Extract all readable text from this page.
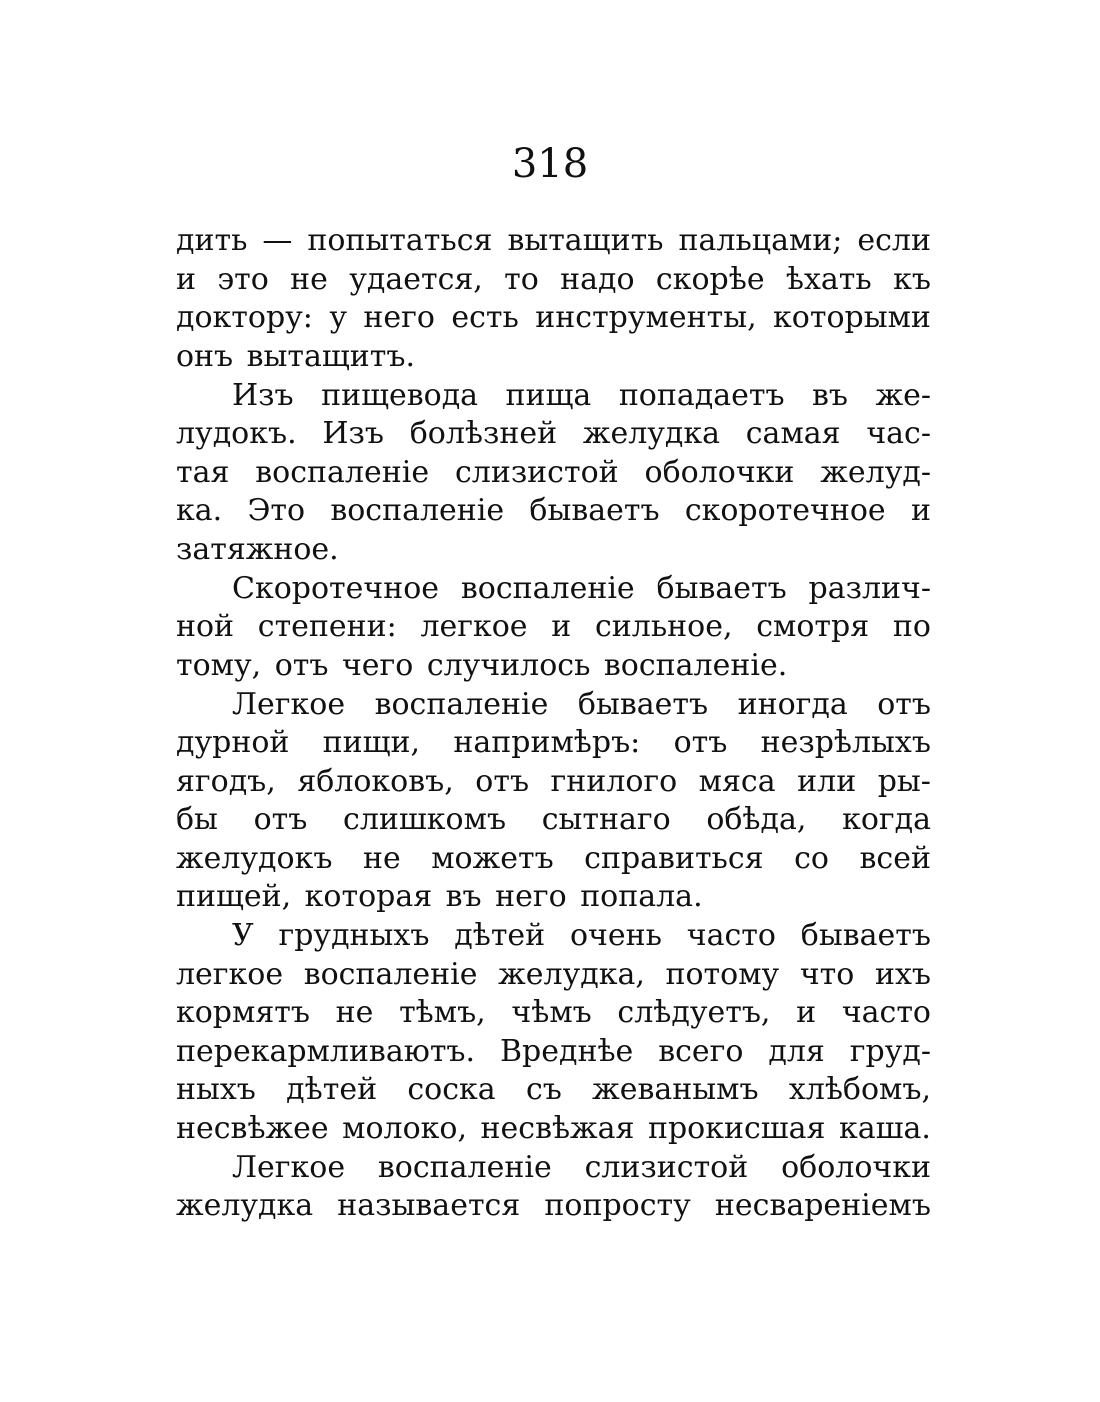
318
дить — попытаться вытащить пальцами; если
и это не удается, то надо скорѣе ѣхать къ
доктору: у него есть инструменты, которыми
онъ вытащитъ.
Изъ пищевода пища попадаетъ въ же-
лудокъ. Изъ болѣзней желудка самая час-
тая воспаленіе слизистой оболочки желуд-
ка. Это воспаленіе бываетъ скоротечное и
затяжное.
Скоротечное воспаленіе бываетъ различ-
ной степени: легкое и сильное, смотря по
тому, отъ чего случилось воспаленіе.
Легкое воспаленіе бываетъ иногда отъ
дурной пищи, напримѣръ: отъ незрѣлыхъ
ягодъ, яблоковъ, отъ гнилого мяса или ры-
бы отъ слишкомъ сытнаго обѣда, когда
желудокъ не можетъ справиться со всей
пищей, которая въ него попала.
У грудныхъ дѣтей очень часто бываетъ
легкое воспаленіе желудка, потому что ихъ
кормятъ не тѣмъ, чѣмъ слѣдуетъ, и часто
перекармливаютъ. Вреднѣе всего для груд-
ныхъ дѣтей соска съ жеванымъ хлѣбомъ,
несвѣжее молоко, несвѣжая прокисшая каша.
Легкое воспаленіе слизистой оболочки
желудка называется попросту несвареніемъ
